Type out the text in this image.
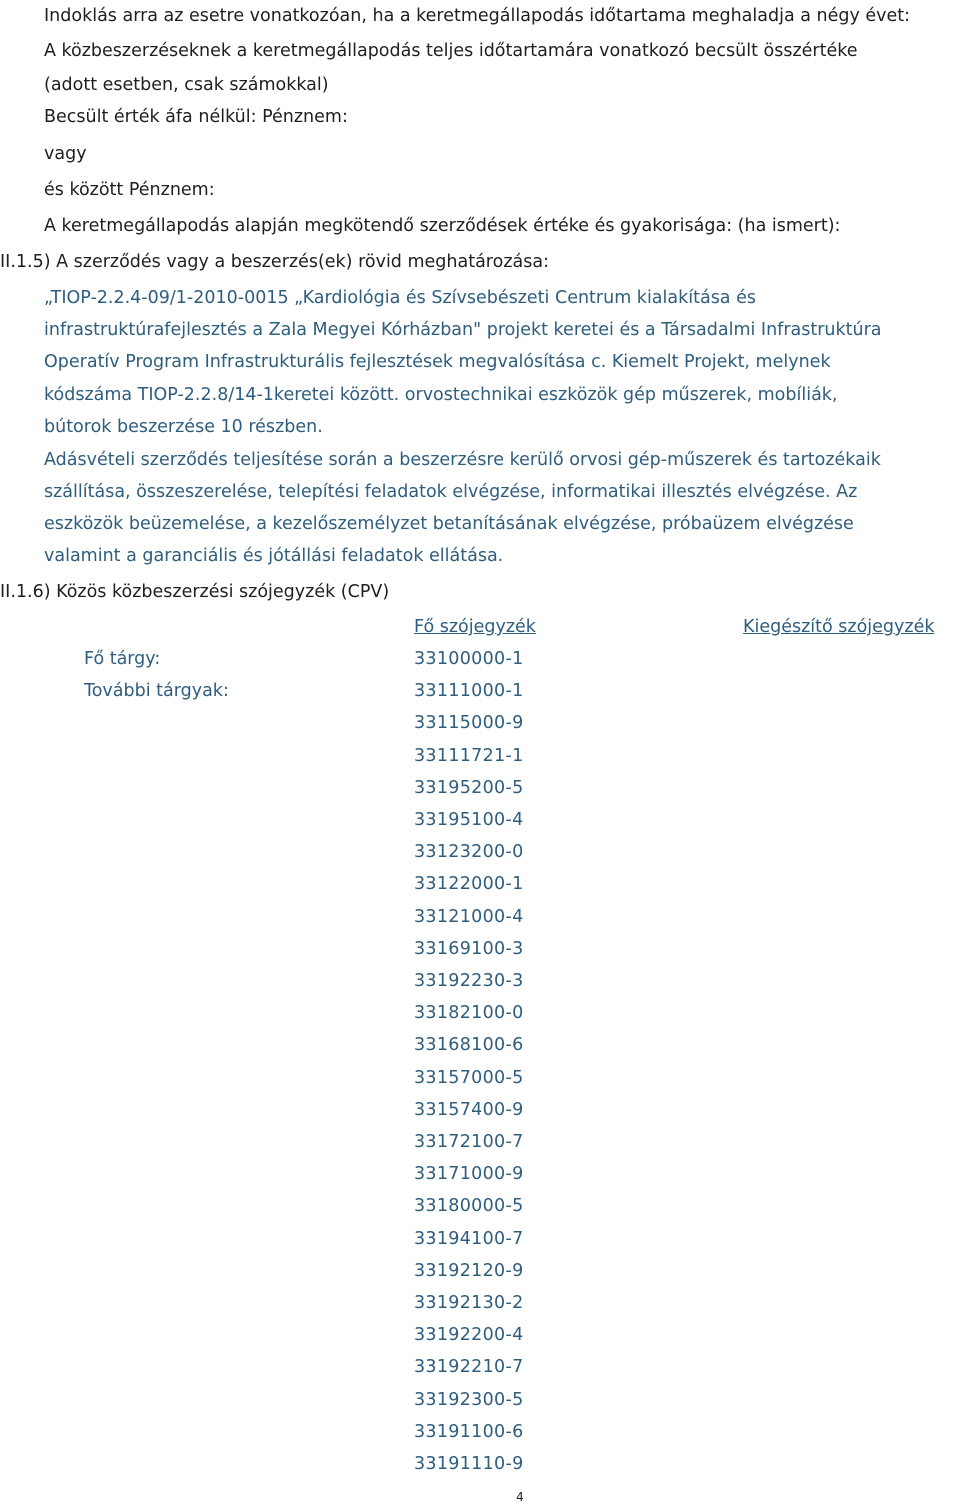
Indoklás arra az esetre vonatkozóan, ha a keretmegállapodás időtartama meghaladja a négy évet:
A közbeszerzéseknek a keretmegállapodás teljes időtartamára vonatkozó becsült összértéke
(adott esetben, csak számokkal)
Becsült érték áfa nélkül: Pénznem:
vagy
és között Pénznem:
A keretmegállapodás alapján megkötendő szerződések értéke és gyakorisága: (ha ismert):
II.1.5) A szerződés vagy a beszerzés(ek) rövid meghatározása:
„TIOP-2.2.4-09/1-2010-0015 „Kardiológia és Szívsebészeti Centrum kialakítása és
infrastruktúrafejlesztés a Zala Megyei Kórházban" projekt keretei és a Társadalmi Infrastruktúra
Operatív Program Infrastrukturális fejlesztések megvalósítása c. Kiemelt Projekt, melynek
kódszáma TIOP-2.2.8/14-1keretei között. orvostechnikai eszközök gép műszerek, mobíliák,
bútorok beszerzése 10 részben.
Adásvételi szerződés teljesítése során a beszerzésre kerülő orvosi gép-műszerek és tartozékaik
szállítása, összeszerelése, telepítési feladatok elvégzése, informatikai illesztés elvégzése. Az
eszközök beüzemelése, a kezelőszemélyzet betanításának elvégzése, próbaüzem elvégzése
valamint a garanciális és jótállási feladatok ellátása.
II.1.6) Közös közbeszerzési szójegyzék (CPV)
Fő szójegyzék	Kiegészítő szójegyzék
Fő tárgy:
További tárgyak:
33100000-1
33111000-1
33115000-9
33111721-1
33195200-5
33195100-4
33123200-0
33122000-1
33121000-4
33169100-3
33192230-3
33182100-0
33168100-6
33157000-5
33157400-9
33172100-7
33171000-9
33180000-5
33194100-7
33192120-9
33192130-2
33192200-4
33192210-7
33192300-5
33191100-6
33191110-9
4
